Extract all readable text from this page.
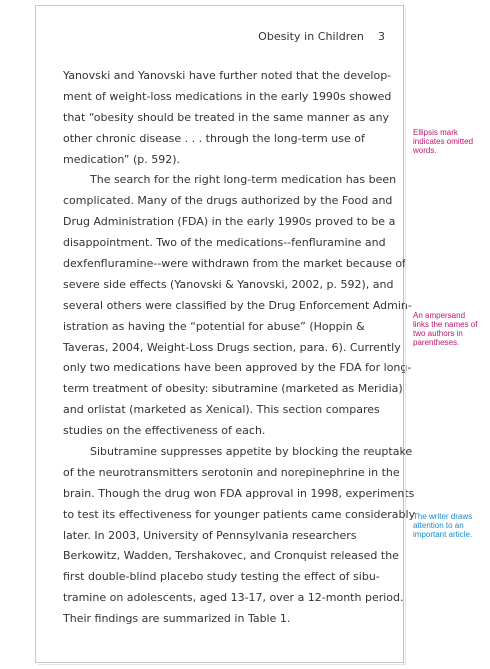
Obesity in Children 3
Yanovski and Yanovski have further noted that the develop-
ment of weight-loss medications in the early 1990s showed
that “obesity should be treated in the same manner as any
other chronic disease . . . through the long-term use of
medication” (p. 592).
The search for the right long-term medication has been
complicated. Many of the drugs authorized by the Food and
Drug Administration (FDA) in the early 1990s proved to be a
disappointment. Two of the medications--fenfluramine and
dexfenfluramine--were withdrawn from the market because of
severe side effects (Yanovski & Yanovski, 2002, p. 592), and
several others were classified by the Drug Enforcement Admin-
istration as having the “potential for abuse” (Hoppin &
Taveras, 2004, Weight-Loss Drugs section, para. 6). Currently
only two medications have been approved by the FDA for long-
term treatment of obesity: sibutramine (marketed as Meridia)
and orlistat (marketed as Xenical). This section compares
studies on the effectiveness of each.
Sibutramine suppresses appetite by blocking the reuptake
of the neurotransmitters serotonin and norepinephrine in the
brain. Though the drug won FDA approval in 1998, experiments
to test its effectiveness for younger patients came considerably
later. In 2003, University of Pennsylvania researchers
Berkowitz, Wadden, Tershakovec, and Cronquist released the
first double-blind placebo study testing the effect of sibu-
tramine on adolescents, aged 13-17, over a 12-month period.
Their findings are summarized in Table 1.
Ellipsis mark
indicates omitted
words.
An ampersand
links the names of
two authors in
parentheses.
The writer draws
attention to an
important article.
